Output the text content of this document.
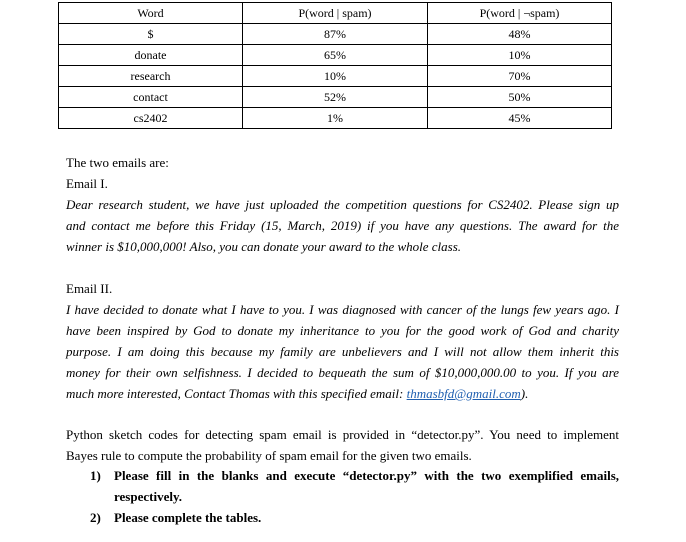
Word	P(word | spam)	P(word | ¬spam)
$	87%	48%
donate	65%	10%
research	10%	70%
contact	52%	50%
cs2402	1%	45%
The two emails are:
Email I.
Dear research student, we have just uploaded the competition questions for CS2402. Please sign up
and contact me before this Friday (15, March, 2019) if you have any questions. The award for the
winner is $10,000,000! Also, you can donate your award to the whole class.
Email II.
I have decided to donate what I have to you. I was diagnosed with cancer of the lungs few years ago. I
have been inspired by God to donate my inheritance to you for the good work of God and charity
purpose. I am doing this because my family are unbelievers and I will not allow them inherit this
money for their own selfishness. I decided to bequeath the sum of $10,000,000.00 to you. If you are
much more interested, Contact Thomas with this specified email: thmasbfd@gmail.com).
Python sketch codes for detecting spam email is provided in “detector.py”. You need to implement
Bayes rule to compute the probability of spam email for the given two emails.
1) Please fill in the blanks and execute “detector.py” with the two exemplified emails,
respectively.
2) Please complete the tables.
